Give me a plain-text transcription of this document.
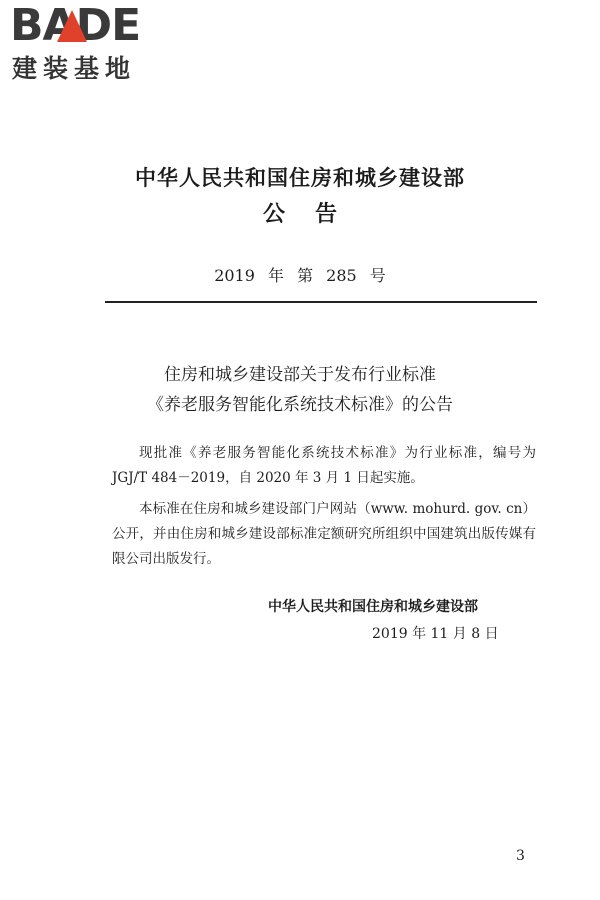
BADE
建装基地
中华人民共和国住房和城乡建设部
公告
2019 年 第 285 号
住房和城乡建设部关于发布行业标准
《养老服务智能化系统技术标准》的公告
现批准《养老服务智能化系统技术标准》为行业标准，编号为 JGJ/T 484－2019，自 2020 年 3 月 1 日起实施。
本标准在住房和城乡建设部门户网站（www. mohurd. gov. cn）公开，并由住房和城乡建设部标准定额研究所组织中国建筑出版传媒有限公司出版发行。
中华人民共和国住房和城乡建设部
2019 年 11 月 8 日
3
